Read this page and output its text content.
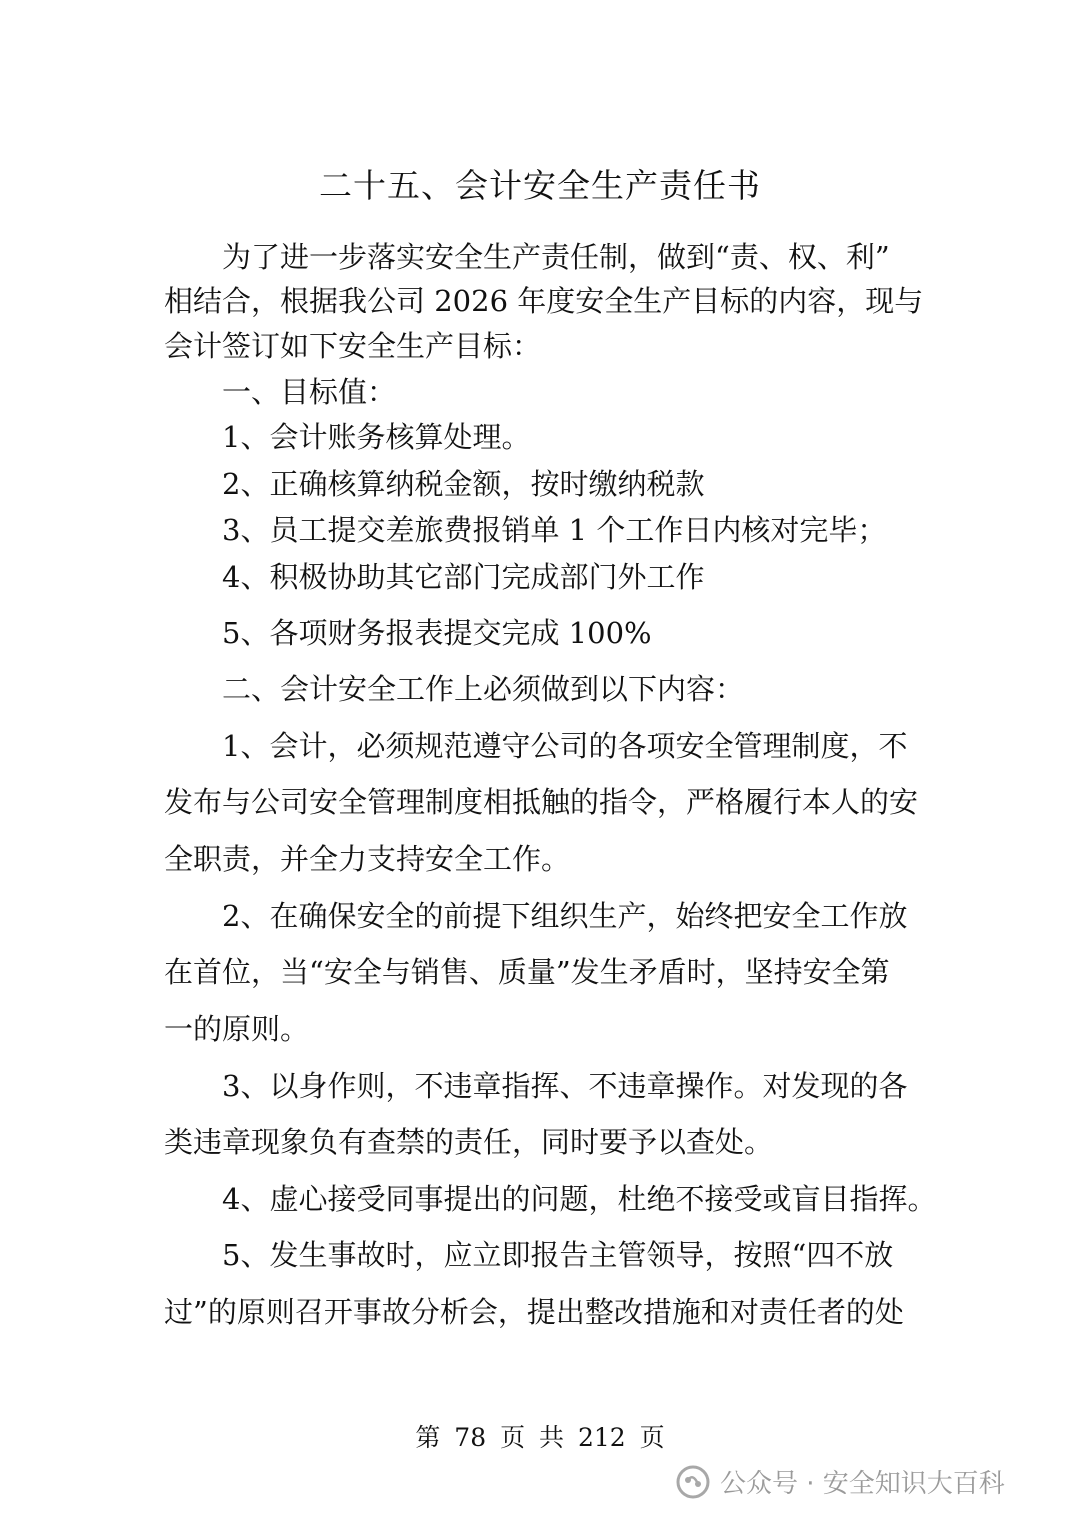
二十五、会计安全生产责任书
为了进一步落实安全生产责任制，做到“责、权、利”
相结合，根据我公司 2026 年度安全生产目标的内容，现与
会计签订如下安全生产目标：
一、目标值：
1、会计账务核算处理。
2、正确核算纳税金额，按时缴纳税款
3、员工提交差旅费报销单 1 个工作日内核对完毕；
4、积极协助其它部门完成部门外工作
5、各项财务报表提交完成 100%
二、会计安全工作上必须做到以下内容：
1、会计，必须规范遵守公司的各项安全管理制度，不
发布与公司安全管理制度相抵触的指令，严格履行本人的安
全职责，并全力支持安全工作。
2、在确保安全的前提下组织生产，始终把安全工作放
在首位，当“安全与销售、质量”发生矛盾时，坚持安全第
一的原则。
3、以身作则，不违章指挥、不违章操作。对发现的各
类违章现象负有查禁的责任，同时要予以查处。
4、虚心接受同事提出的问题，杜绝不接受或盲目指挥。
5、发生事故时，应立即报告主管领导，按照“四不放
过”的原则召开事故分析会，提出整改措施和对责任者的处
第 78 页 共 212 页
公众号 · 安全知识大百科
